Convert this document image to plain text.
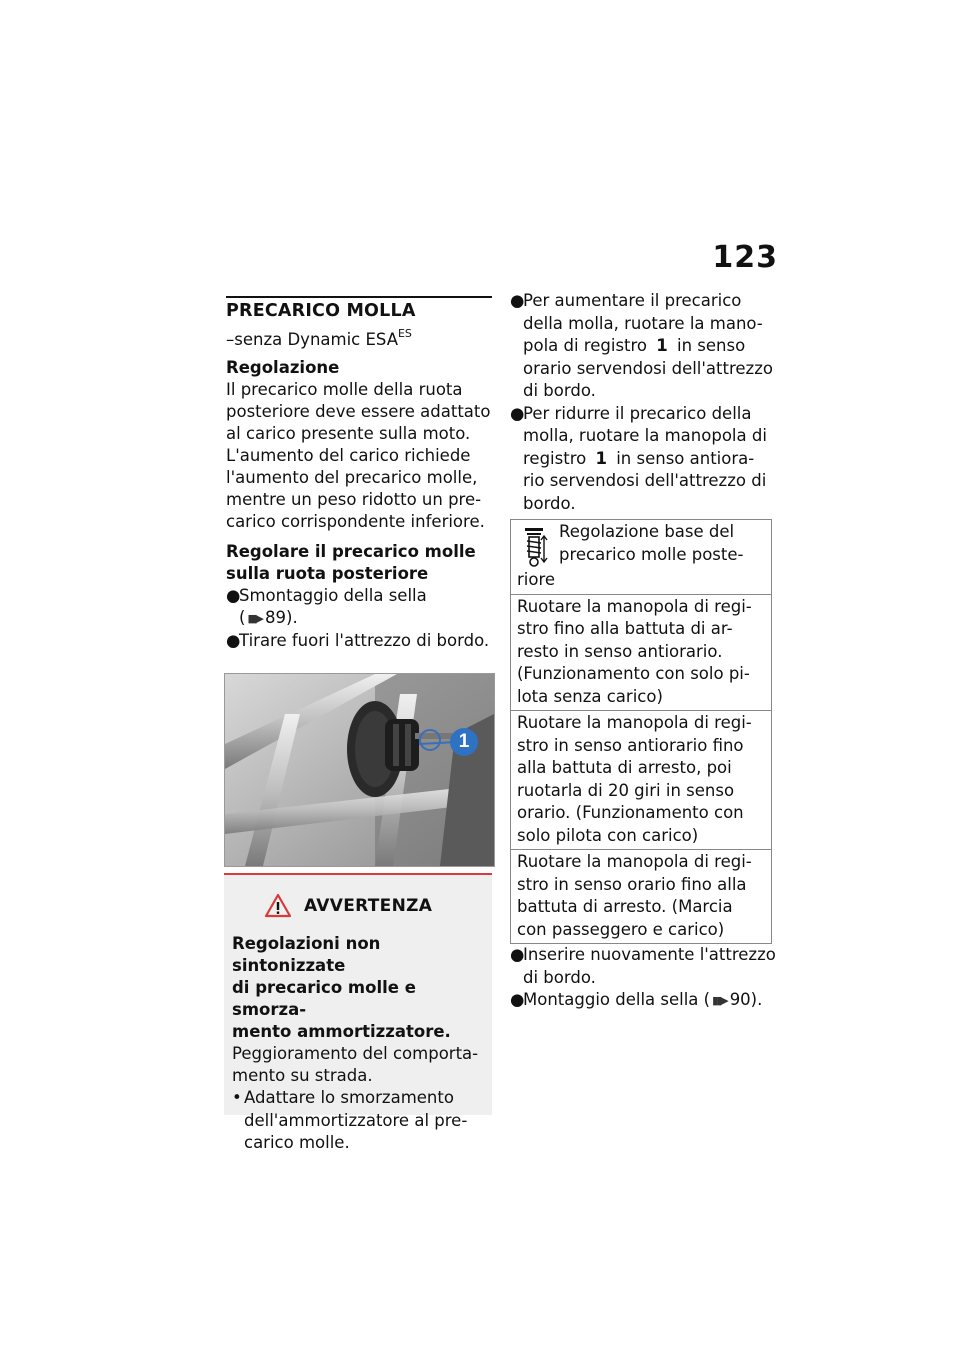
123
PRECARICO MOLLA
–senza Dynamic $ESA^{ES}$
Regolazione
Il precarico molle della ruota
posteriore deve essere adattato
al carico presente sulla moto.
L'aumento del carico richiede
l'aumento del precarico molle,
mentre un peso ridotto un pre-
carico corrispondente inferiore.
Regolare il precarico molle
sulla ruota posteriore
●
Smontaggio della sella
( ▮▮▶ 89).
●
Tirare fuori l'attrezzo di bordo.
1
AVVERTENZA
Regolazioni non sintonizzate
di precarico molle e smorza-
mento ammortizzatore.
Peggioramento del comporta-
mento su strada.
• Adattare lo smorzamento
dell'ammortizzatore al pre-
carico molle.
●
Per aumentare il precarico
della molla, ruotare la mano-
pola di registro 1 in senso
orario servendosi dell'attrezzo
di bordo.
●
Per ridurre il precarico della
molla, ruotare la manopola di
registro 1 in senso antiora-
rio servendosi dell'attrezzo di
bordo.
Regolazione base del
precarico molle poste-
riore

Ruotare la manopola di regi-
stro fino alla battuta di ar-
resto in senso antiorario.
(Funzionamento con solo pi-
lota senza carico)

Ruotare la manopola di regi-
stro in senso antiorario fino
alla battuta di arresto, poi
ruotarla di 20 giri in senso
orario. (Funzionamento con
solo pilota con carico)

Ruotare la manopola di regi-
stro in senso orario fino alla
battuta di arresto. (Marcia
con passeggero e carico)
●
Inserire nuovamente l'attrezzo
di bordo.
●
Montaggio della sella ( ▮▮▶ 90).
